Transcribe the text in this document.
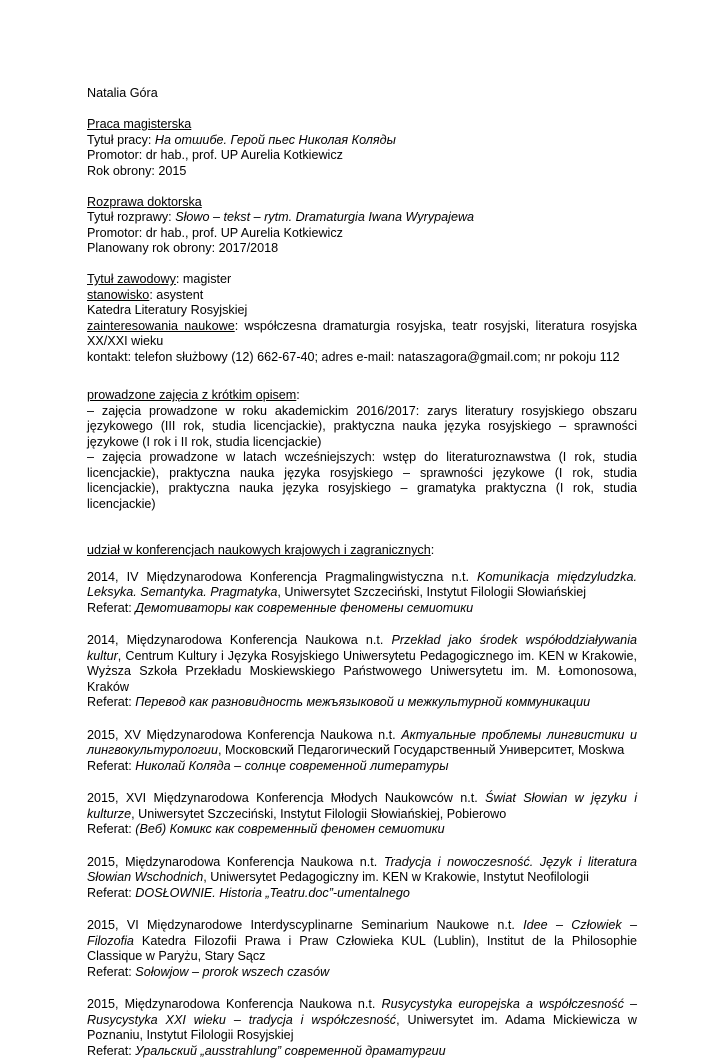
Natalia Góra

Praca magisterska

Tytuł pracy: На отшибе. Герой пьес Николая Коляды

Promotor: dr hab., prof. UP Aurelia Kotkiewicz

Rok obrony: 2015

Rozprawa doktorska

Tytuł rozprawy: Słowo – tekst – rytm. Dramaturgia Iwana Wyrypajewa

Promotor: dr hab., prof. UP Aurelia Kotkiewicz

Planowany rok obrony: 2017/2018

Tytuł zawodowy: magister

stanowisko: asystent

Katedra Literatury Rosyjskiej

zainteresowania naukowe: współczesna dramaturgia rosyjska, teatr rosyjski, literatura rosyjska XX/XXI wieku

kontakt: telefon służbowy (12) 662-67-40; adres e-mail: nataszagora@gmail.com; nr pokoju 112

prowadzone zajęcia z krótkim opisem:

– zajęcia prowadzone w roku akademickim 2016/2017: zarys literatury rosyjskiego obszaru językowego (III rok, studia licencjackie), praktyczna nauka języka rosyjskiego – sprawności językowe (I rok i II rok, studia licencjackie)

– zajęcia prowadzone w latach wcześniejszych: wstęp do literaturoznawstwa (I rok, studia licencjackie), praktyczna nauka języka rosyjskiego – sprawności językowe (I rok, studia licencjackie), praktyczna nauka języka rosyjskiego – gramatyka praktyczna (I rok, studia licencjackie)

udział w konferencjach naukowych krajowych i zagranicznych:

2014, IV Międzynarodowa Konferencja Pragmalingwistyczna n.t. Komunikacja międzyludzka. Leksyka. Semantyka. Pragmatyka, Uniwersytet Szczeciński, Instytut Filologii Słowiańskiej

Referat: Демотиваторы как современные феномены семиотики

2014, Międzynarodowa Konferencja Naukowa n.t. Przekład jako środek współoddziaływania kultur, Centrum Kultury i Języka Rosyjskiego Uniwersytetu Pedagogicznego im. KEN w Krakowie, Wyższa Szkoła Przekładu Moskiewskiego Państwowego Uniwersytetu im. M. Łomonosowa, Kraków

Referat: Перевод как разновидность межъязыковой и межкультурной коммуникации

2015, XV Międzynarodowa Konferencja Naukowa n.t. Актуальные проблемы лингвистики и лингвокультурологии, Московский Педагогический Государственный Университет, Moskwa

Referat: Николай Коляда – солнце современной литературы

2015, XVI Międzynarodowa Konferencja Młodych Naukowców n.t. Świat Słowian w języku i kulturze, Uniwersytet Szczeciński, Instytut Filologii Słowiańskiej, Pobierowo

Referat: (Веб) Комикс как современный феномен семиотики

2015, Międzynarodowa Konferencja Naukowa n.t. Tradycja i nowoczesność. Język i literatura Słowian Wschodnich, Uniwersytet Pedagogiczny im. KEN w Krakowie, Instytut Neofilologii

Referat: DOSŁOWNIE. Historia „Teatru.doc”-umentalnego

2015, VI Międzynarodowe Interdyscyplinarne Seminarium Naukowe n.t. Idee – Człowiek – Filozofia Katedra Filozofii Prawa i Praw Człowieka KUL (Lublin), Institut de la Philosophie Classique w Paryżu, Stary Sącz

Referat: Sołowjow – prorok wszech czasów

2015, Międzynarodowa Konferencja Naukowa n.t. Rusycystyka europejska a współczesność – Rusycystyka XXI wieku – tradycja i współczesność, Uniwersytet im. Adama Mickiewicza w Poznaniu, Instytut Filologii Rosyjskiej

Referat: Уральский „ausstrahlung” современной драматургии
